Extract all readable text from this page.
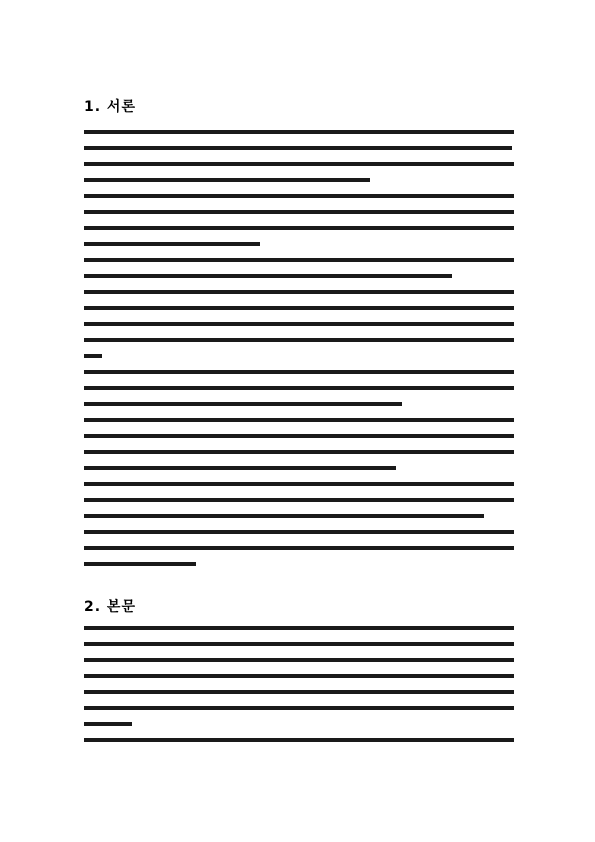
1. 서론
2. 본문
